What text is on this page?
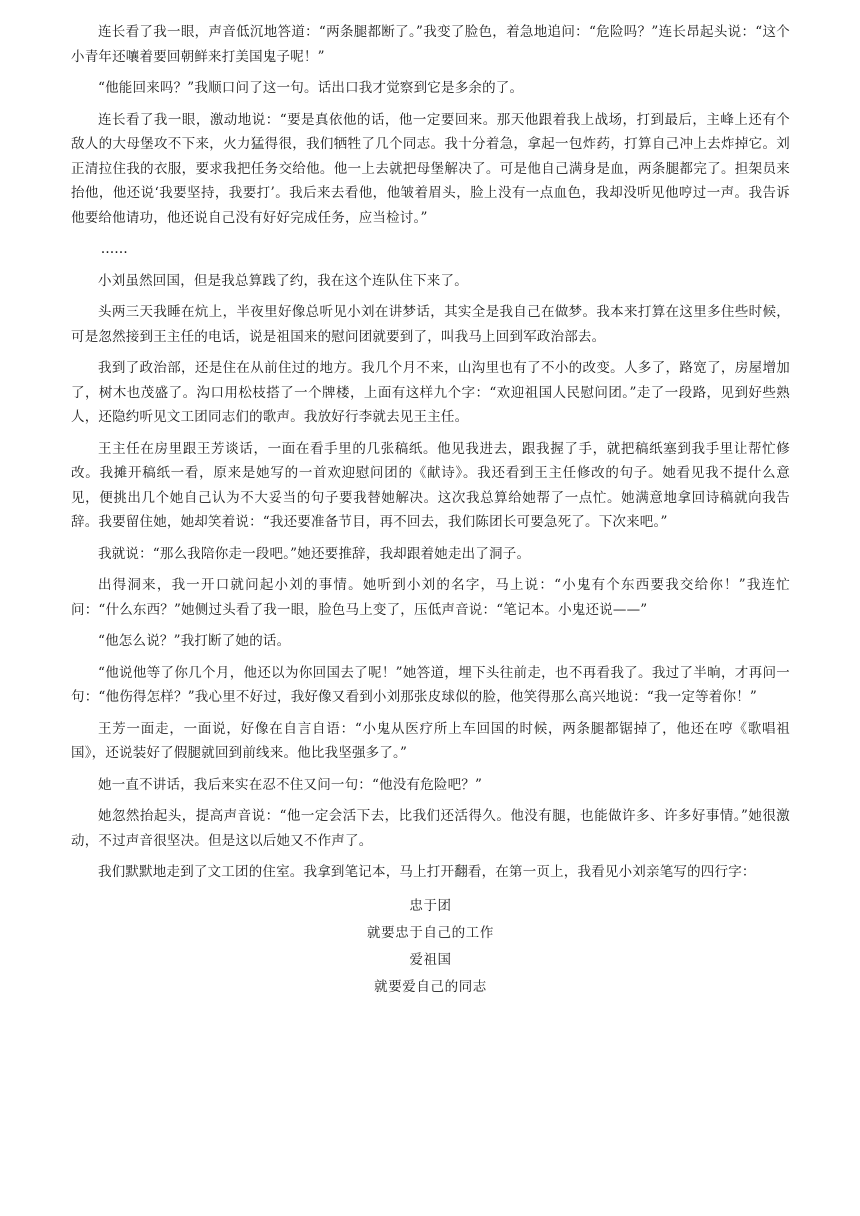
连长看了我一眼，声音低沉地答道：“两条腿都断了。”我变了脸色，着急地追问：“危险吗？”连长昂起头说：“这个小青年还嚷着要回朝鲜来打美国鬼子呢！”

“他能回来吗？”我顺口问了这一句。话出口我才觉察到它是多余的了。

连长看了我一眼，激动地说：“要是真依他的话，他一定要回来。那天他跟着我上战场，打到最后，主峰上还有个敌人的大母堡攻不下来，火力猛得很，我们牺牲了几个同志。我十分着急，拿起一包炸药，打算自己冲上去炸掉它。刘正清拉住我的衣服，要求我把任务交给他。他一上去就把母堡解决了。可是他自己满身是血，两条腿都完了。担架员来抬他，他还说‘我要坚持，我要打’。我后来去看他，他皱着眉头，脸上没有一点血色，我却没听见他哼过一声。我告诉他要给他请功，他还说自己没有好好完成任务，应当检讨。”

……

小刘虽然回国，但是我总算践了约，我在这个连队住下来了。

头两三天我睡在炕上，半夜里好像总听见小刘在讲梦话，其实全是我自己在做梦。我本来打算在这里多住些时候，可是忽然接到王主任的电话，说是祖国来的慰问团就要到了，叫我马上回到军政治部去。

我到了政治部，还是住在从前住过的地方。我几个月不来，山沟里也有了不小的改变。人多了，路宽了，房屋增加了，树木也茂盛了。沟口用松枝搭了一个牌楼，上面有这样九个字：“欢迎祖国人民慰问团。”走了一段路，见到好些熟人，还隐约听见文工团同志们的歌声。我放好行李就去见王主任。

王主任在房里跟王芳谈话，一面在看手里的几张稿纸。他见我进去，跟我握了手，就把稿纸塞到我手里让帮忙修改。我摊开稿纸一看，原来是她写的一首欢迎慰问团的《献诗》。我还看到王主任修改的句子。她看见我不提什么意见，便挑出几个她自己认为不大妥当的句子要我替她解决。这次我总算给她帮了一点忙。她满意地拿回诗稿就向我告辞。我要留住她，她却笑着说：“我还要准备节目，再不回去，我们陈团长可要急死了。下次来吧。”

我就说：“那么我陪你走一段吧。”她还要推辞，我却跟着她走出了洞子。

出得洞来，我一开口就问起小刘的事情。她听到小刘的名字，马上说：“小鬼有个东西要我交给你！”我连忙问：“什么东西？”她侧过头看了我一眼，脸色马上变了，压低声音说：“笔记本。小鬼还说——”

“他怎么说？”我打断了她的话。

“他说他等了你几个月，他还以为你回国去了呢！”她答道，埋下头往前走，也不再看我了。我过了半晌，才再问一句：“他伤得怎样？”我心里不好过，我好像又看到小刘那张皮球似的脸，他笑得那么高兴地说：“我一定等着你！”

王芳一面走，一面说，好像在自言自语：“小鬼从医疗所上车回国的时候，两条腿都锯掉了，他还在哼《歌唱祖国》，还说装好了假腿就回到前线来。他比我坚强多了。”

她一直不讲话，我后来实在忍不住又问一句：“他没有危险吧？”

她忽然抬起头，提高声音说：“他一定会活下去，比我们还活得久。他没有腿，也能做许多、许多好事情。”她很激动，不过声音很坚决。但是这以后她又不作声了。

我们默默地走到了文工团的住室。我拿到笔记本，马上打开翻看，在第一页上，我看见小刘亲笔写的四行字：

忠于团

就要忠于自己的工作

爱祖国

就要爱自己的同志
